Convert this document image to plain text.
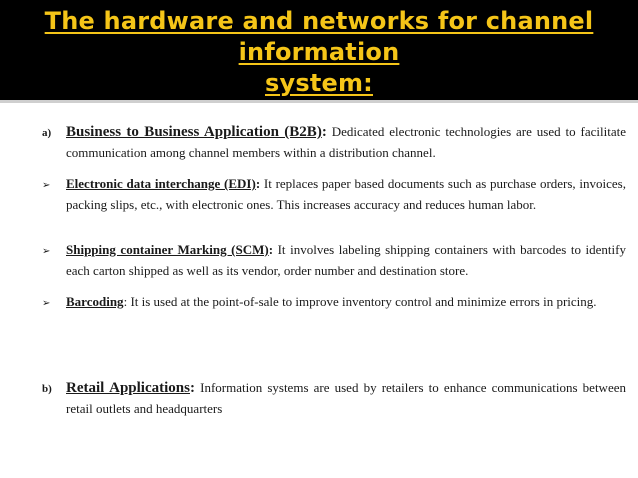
The hardware and networks for channel information
system:
a) Business to Business Application (B2B): Dedicated electronic technologies are used to facilitate communication among channel members within a distribution channel.
➢ Electronic data interchange (EDI): It replaces paper based documents such as purchase orders, invoices, packing slips, etc., with electronic ones. This increases accuracy and reduces human labor.
➢ Shipping container Marking (SCM): It involves labeling shipping containers with barcodes to identify each carton shipped as well as its vendor, order number and destination store.
➢ Barcoding: It is used at the point-of-sale to improve inventory control and minimize errors in pricing.
b) Retail Applications: Information systems are used by retailers to enhance communications between retail outlets and headquarters
